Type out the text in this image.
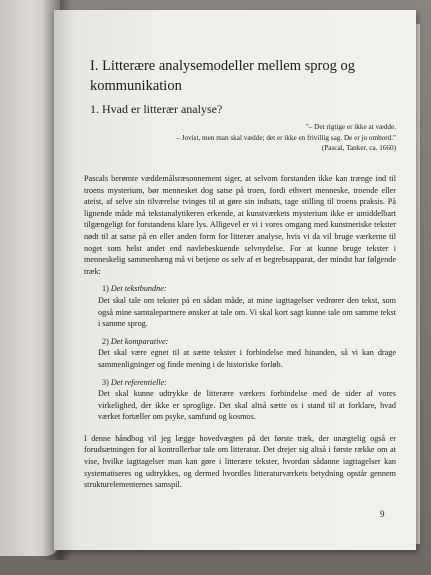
I. Litterære analysemodeller mellem sprog og kommunikation
1. Hvad er litterær analyse?
"– Det rigtige er ikke at vædde.
– Jovist, men man skal vædde; det er ikke en frivillig sag. De er jo ombord."
(Pascal, Tanker, ca. 1660)

Pascals berømte væddemålsræsonnement siger, at selvom forstanden ikke kan trænge ind til troens mysterium, bør mennesket dog satse på troen, fordi ethvert menneske, troende eller ateist, af selve sin tilværelse tvinges til at gøre sin indsats, tage stilling til troens praksis. På lignende måde må tekstanalytikeren erkende, at kunstværkets mysterium ikke er umiddelbart tilgængeligt for forstandens klare lys. Alligevel er vi i vores omgang med kunstneriske tekster nødt til at satse på en eller anden form for litterær analyse, hvis vi da vil bruge værkerne til noget som helst andet end navlebeskuende selvnydelse. For at kunne bruge tekster i menneskelig sammenhæng må vi betjene os selv af et begrebsapparat, der mindst har følgende træk:

1) Det tekstbundne:

Det skal tale om tekster på en sådan måde, at mine iagttagelser vedrører den tekst, som også mine samtalepartnere ønsker at tale om. Vi skal kort sagt kunne tale om samme tekst i samme sprog.

2) Det komparative:

Det skal være egnet til at sætte tekster i forbindelse med hinanden, så vi kan drage sammenligninger og finde mening i de historiske forløb.

3) Det referentielle:

Det skal kunne udtrykke de litterære værkers forbindelse med de sider af vores virkelighed, der ikke er sproglige. Det skal altså sætte os i stand til at forklare, hvad værket fortæller om psyke, samfund og kosmos.

I denne håndbog vil jeg lægge hovedvægten på det første træk, der unægtelig også er forudsætningen for al kontrollerbar tale om litteratur. Det drejer sig altså i første række om at vise, hvilke iagttagelser man kan gøre i litterære tekster, hvordan sådanne iagttagelser kan systematiseres og udtrykkes, og dermed hvordles litteraturværkets betydning opstår gennem strukturelementernes samspil.

9
